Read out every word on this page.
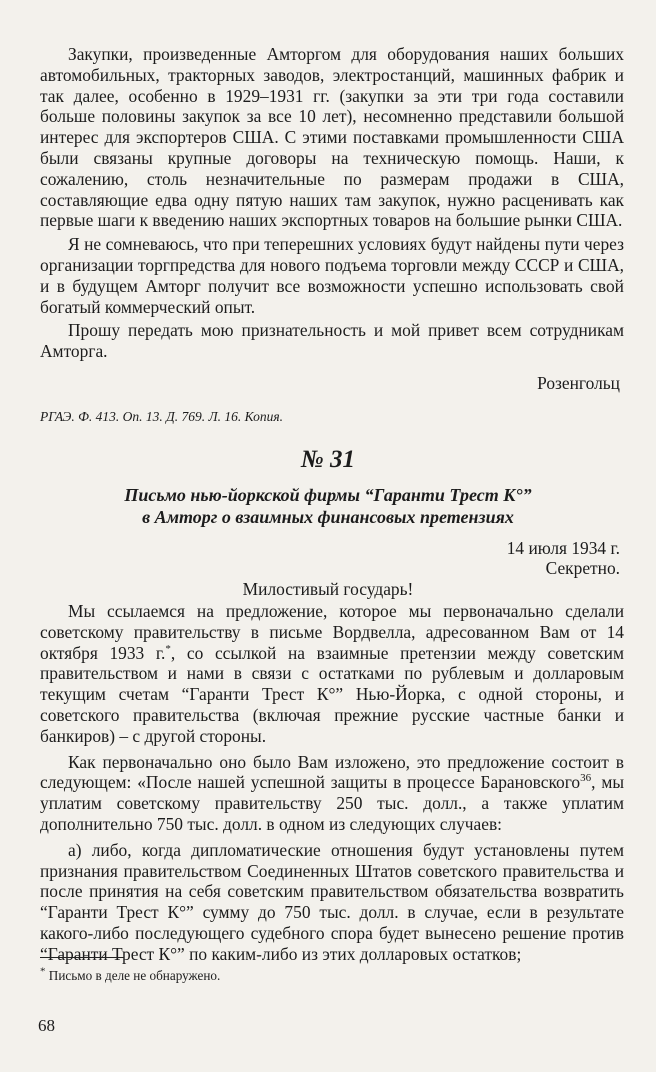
Закупки, произведенные Амторгом для оборудования наших больших автомобильных, тракторных заводов, электростанций, машинных фабрик и так далее, особенно в 1929–1931 гг. (закупки за эти три года составили больше половины закупок за все 10 лет), несомненно представили большой интерес для экспортеров США. С этими поставками промышленности США были связаны крупные договоры на техническую помощь. Наши, к сожалению, столь незначительные по размерам продажи в США, составляющие едва одну пятую наших там закупок, нужно расценивать как первые шаги к введению наших экспортных товаров на большие рынки США.

Я не сомневаюсь, что при теперешних условиях будут найдены пути через организации торгпредства для нового подъема торговли между СССР и США, и в будущем Амторг получит все возможности успешно использовать свой богатый коммерческий опыт.

Прошу передать мою признательность и мой привет всем сотрудникам Амторга.

Розенгольц
РГАЭ. Ф. 413. Оп. 13. Д. 769. Л. 16. Копия.
№ 31
Письмо нью-йоркской фирмы “Гаранти Трест К°”
в Амторг о взаимных финансовых претензиях
14 июля 1934 г.
Секретно.
Милостивый государь!

Мы ссылаемся на предложение, которое мы первоначально сделали советскому правительству в письме Вордвелла, адресованном Вам от 14 октября 1933 г.*, со ссылкой на взаимные претензии между советским правительством и нами в связи с остатками по рублевым и долларовым текущим счетам “Гаранти Трест К°” Нью-Йорка, с одной стороны, и советского правительства (включая прежние русские частные банки и банкиров) – с другой стороны.

Как первоначально оно было Вам изложено, это предложение состоит в следующем: «После нашей успешной защиты в процессе Барановского$^{36}$, мы уплатим советскому правительству 250 тыс. долл., а также уплатим дополнительно 750 тыс. долл. в одном из следующих случаев:

а) либо, когда дипломатические отношения будут установлены путем признания правительством Соединенных Штатов советского правительства и после принятия на себя советским правительством обязательства возвратить “Гаранти Трест К°” сумму до 750 тыс. долл. в случае, если в результате какого-либо последующего судебного спора будет вынесено решение против “Гаранти Трест К°” по каким-либо из этих долларовых остатков;

* Письмо в деле не обнаружено.
68
